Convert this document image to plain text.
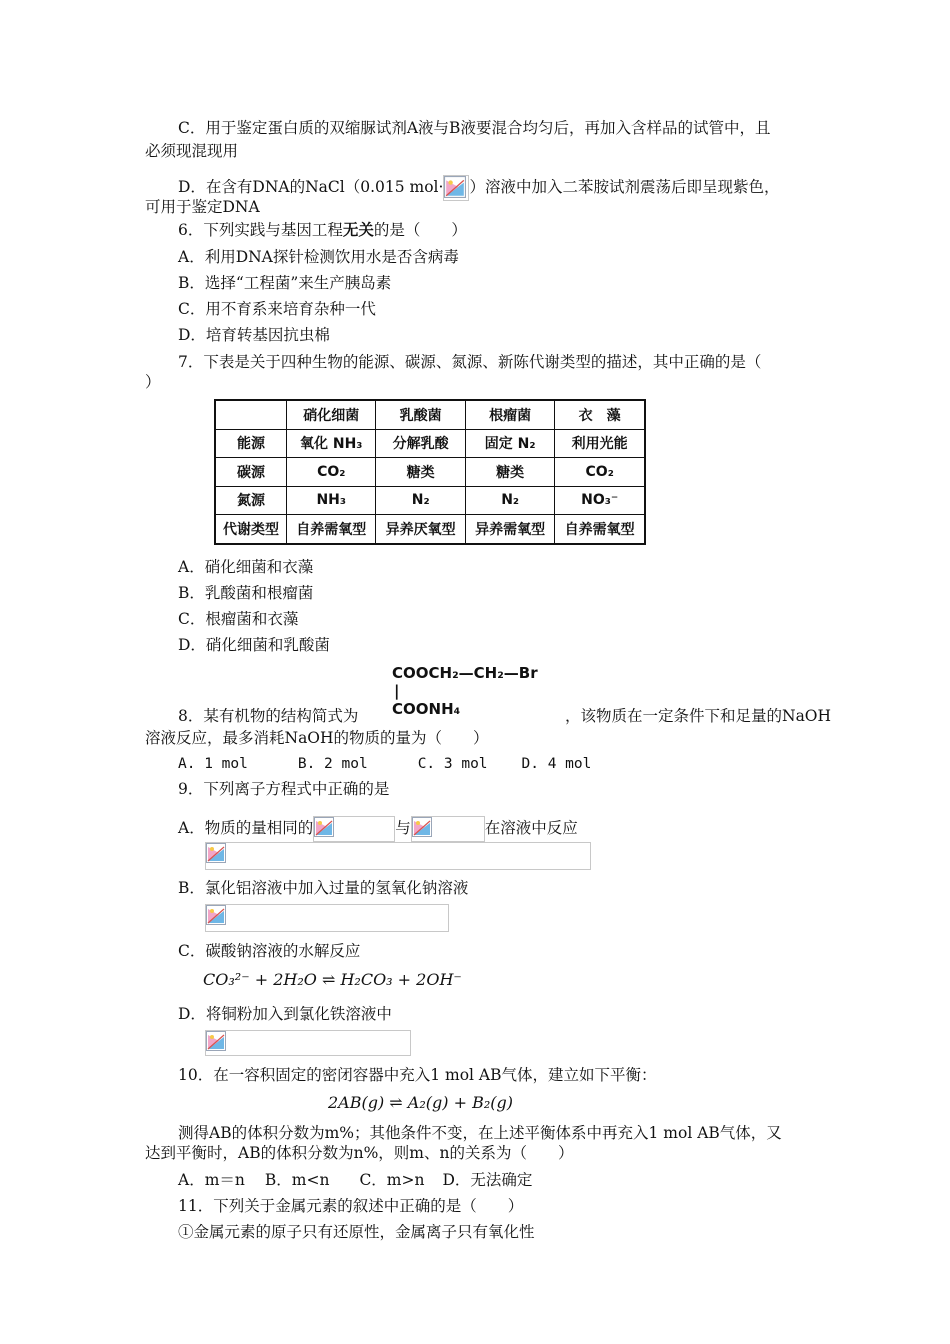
C．用于鉴定蛋白质的双缩脲试剂A液与B液要混合均匀后，再加入含样品的试管中，且
必须现混现用
D．在含有DNA的NaCl（0.015 mol· ）溶液中加入二苯胺试剂震荡后即呈现紫色，
可用于鉴定DNA
6．下列实践与基因工程无关的是（　　）
A．利用DNA探针检测饮用水是否含病毒
B．选择“工程菌”来生产胰岛素
C．用不育系来培育杂种一代
D．培育转基因抗虫棉
7．下表是关于四种生物的能源、碳源、氮源、新陈代谢类型的描述，其中正确的是（
）
	硝化细菌	乳酸菌	根瘤菌	衣　藻
能源	氧化 NH₃	分解乳酸	固定 N₂	利用光能
碳源	CO₂	糖类	糖类	CO₂
氮源	NH₃	N₂	N₂	NO₃⁻
代谢类型	自养需氧型	异养厌氧型	异养需氧型	自养需氧型
A．硝化细菌和衣藻
B．乳酸菌和根瘤菌
C．根瘤菌和衣藻
D．硝化细菌和乳酸菌
COOCH₂—CH₂—Br
|
COONH₄
8．某有机物的结构简式为	，该物质在一定条件下和足量的NaOH
溶液反应，最多消耗NaOH的物质的量为（　　）
A. 1 mol	B. 2 mol	C. 3 mol D. 4 mol
9．下列离子方程式中正确的是
A．物质的量相同的	与	在溶液中反应
B．氯化铝溶液中加入过量的氢氧化钠溶液
C．碳酸钠溶液的水解反应
CO₃²⁻ + 2H₂O ⇌ H₂CO₃ + 2OH⁻
D．将铜粉加入到氯化铁溶液中
10．在一容积固定的密闭容器中充入1 mol AB气体，建立如下平衡：
2AB(g) ⇌ A₂(g) + B₂(g)
测得AB的体积分数为m%；其他条件不变，在上述平衡体系中再充入1 mol AB气体，又
达到平衡时，AB的体积分数为n%，则m、n的关系为（　　）
A．m＝n B．m<n C．m>n D．无法确定
11．下列关于金属元素的叙述中正确的是（　　）
①金属元素的原子只有还原性，金属离子只有氧化性
